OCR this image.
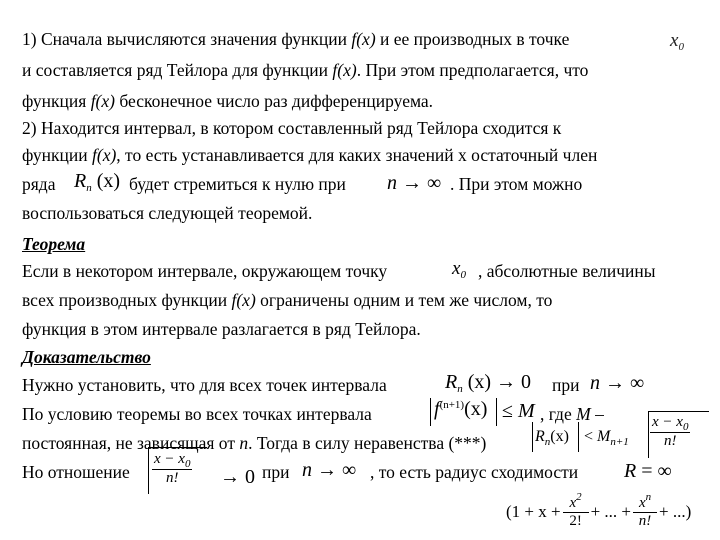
1) Сначала вычисляются значения функции f(x) и ее производных в точке	$x_0$
и составляется ряд Тейлора для функции f(x). При этом предполагается, что
функция f(x) бесконечное число раз дифференцируема.
2) Находится интервал, в котором составленный ряд Тейлора сходится к
функции f(x), то есть устанавливается для каких значений х остаточный член
ряда $R_n$ (x) будет стремиться к нулю при n → ∞ . При этом можно
воспользоваться следующей теоремой.
Теорема
Если в некотором интервале, окружающем точку	$x_0$ , абсолютные величины
всех производных функции f(x) ограничены одним и тем же числом, то
функция в этом интервале разлагается в ряд Тейлора.
Доказательство
Нужно установить, что для всех точек интервала	$R_n$ (x) → 0 при n → ∞
По условию теоремы во всех точках интервала	$f^{(n+1)}(x) \le M$ , где M –
постоянная, не зависящая от n. Тогда в силу неравенства (***)	$R_n(x) < M_{n+1}$
$x - x_0$
n!
Но отношение
$x - x_0$
n! → 0 при n → ∞ , то есть радиус сходимости R = ∞
($1 + x + x^2$
2! + ... + $x^n$
n! + ...)
